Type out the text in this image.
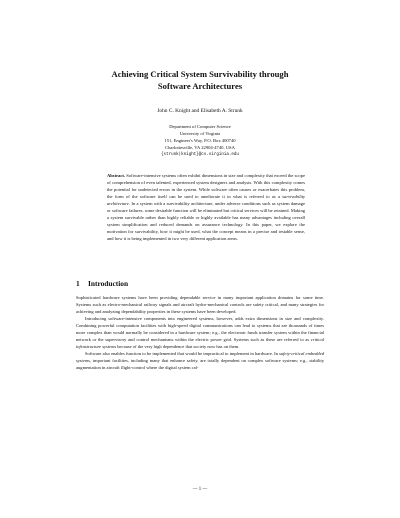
Achieving Critical System Survivability through
Software Architectures
John C. Knight and Elisabeth A. Strunk
Department of Computer Science
University of Virginia
151, Engineer's Way, P.O. Box 400740
Charlottesville, VA 22904-4740, USA
{strunk|knight}@cs.virginia.edu
Abstract. Software-intensive systems often exhibit dimensions in size and complexity that exceed the scope of comprehension of even talented, experienced system designers and analysts. With this complexity comes the potential for undetected errors in the system. While software often causes or exacerbates this problem, the form of the software itself can be used to ameliorate it in what is referred to as a survivability architecture. In a system with a survivability architecture, under adverse conditions such as system damage or software failures, some desirable function will be eliminated but critical services will be retained. Making a system survivable rather than highly reliable or highly available has many advantages including overall system simplification and reduced demands on assurance technology. In this paper, we explore the motivation for survivability, how it might be used, what the concept means in a precise and testable sense, and how it is being implemented in two very different application areas.
1 Introduction

Sophisticated hardware systems have been providing dependable service in many important application domains for some time. Systems such as electro-mechanical railway signals and aircraft hydro-mechanical controls are safety critical, and many strategies for achieving and analyzing dependability properties in these systems have been developed.

Introducing software-intensive components into engineered systems, however, adds extra dimensions in size and complexity. Combining powerful computation facilities with high-speed digital communications can lead to systems that are thousands of times more complex than would normally be considered in a hardware system; e.g., the electronic funds transfer system within the financial network or the supervisory and control mechanisms within the electric power grid. Systems such as these are referred to as critical infrastructure systems because of the very high dependence that society now has on them.

Software also enables function to be implemented that would be impractical to implement in hardware. In safety-critical embedded systems, important facilities, including many that enhance safety, are totally dependent on complex software systems; e.g., stability augmentation in aircraft flight-control where the digital system cal-

— 1 —
